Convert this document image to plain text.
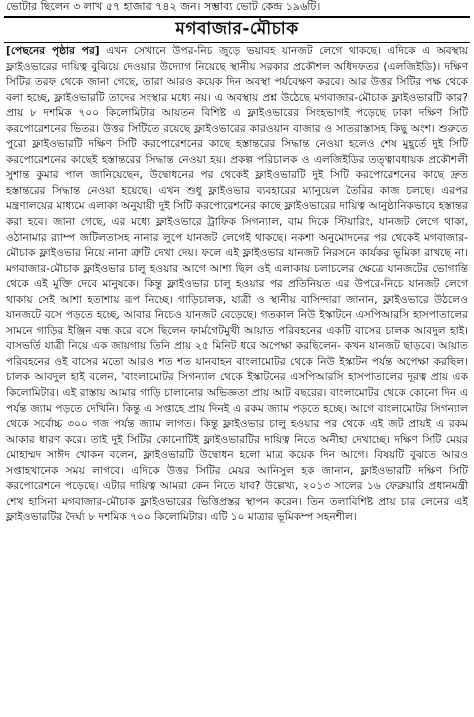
ভোটার ছিলেন ৩ লাখ ৫৭ হাজার ৭৪২ জন। সম্ভাব্য ভোট কেন্দ্র ১৯৬টি।
মগবাজার-মৌচাক
[পেছনের পৃষ্ঠার পর] এখন সেখানে উপর-নিচ জুড়ে ভয়াবহ যানজট লেগে থাকছে। এদিকে এ অবস্থায় ফ্লাইওভারের দায়িত্ব বুঝিয়ে দেওয়ার উদ্যোগ নিয়েছে স্থানীয় সরকার প্রকৌশল অধিদফতর (এলজিইডি)। দক্ষিণ সিটির তরফ থেকে জানা গেছে, তারা আরও কয়েক দিন অবস্থা পর্যবেক্ষণ করবে। আর উত্তর সিটির পক্ষ থেকে বলা হচ্ছে, ফ্লাইওভারটি তাদের সংস্থার মধ্যে নয়। এ অবস্থায় প্রশ্ন উঠেছে মগবাজার-মৌচাক ফ্লাইওভারটি কার? প্রায় ৮ দশমিক ৭০০ কিলোমিটার আয়তন বিশিষ্ট এ ফ্লাইওভারের সিংহভাগই পড়েছে ঢাকা দক্ষিণ সিটি করপোরেশনের ভিতর। উত্তর সিটিতে রয়েছে ফ্লাইওভারের কারওয়ান বাজার ও সাতরাস্তাসহ কিছু অংশ। শুরুতে পুরো ফ্লাইওভারটি দক্ষিণ সিটি করপোরেশনের কাছে হস্তান্তরের সিদ্ধান্ত নেওয়া হলেও শেষ মুহূর্তে দুই সিটি করপোরেশনের কাছেই হস্তান্তরের সিদ্ধান্ত নেওয়া হয়। প্রকল্প পরিচালক ও এলজিইডির তত্ত্বাবধায়ক প্রকৌশলী সুশান্ত কুমার পাল জানিয়েছেন, উদ্বোধনের পর থেকেই ফ্লাইওভারটি দুই সিটি করপোরেশনের কাছে দ্রুত হস্তান্তরের সিদ্ধান্ত নেওয়া হয়েছে। এখন শুধু ফ্লাইওভার ব্যবহারের ম্যানুয়েল তৈরির কাজ চলছে। এরপর মন্ত্রণালয়ের মাধ্যমে এলাকা অনুযায়ী দুই সিটি করপোরেশনের কাছে ফ্লাইওভারের দায়িত্ব আনুষ্ঠানিকভাবে হস্তান্তর করা হবে। জানা গেছে, এর মধ্যে ফ্লাইওভারে ট্রাফিক সিগন্যাল, বাম দিকে স্টিয়ারিং, যানজট লেগে থাকা, ওঠানামার র‍্যাম্প জটিলতাসহ নানার লুপে যানজট লেগেই থাকছে। নকশা অনুমোদনের পর থেকেই মগবাজার-মৌচাক ফ্লাইওভার নিয়ে নানা ত্রুটি দেখা দেয়। ফলে এই ফ্লাইওভার যানজট নিরসনে কার্যকর ভূমিকা রাখছে না। মগবাজার-মৌচাক ফ্লাইওভার চালু হওয়ার আগে আশা ছিল ওই এলাকায় চলাচলের ক্ষেত্রে যানজটের ভোগান্তি থেকে এই মুক্তি দেবে মানুষকে। কিন্তু ফ্লাইওভার চালু হওয়ার পর প্রতিনিয়ত এর উপরে-নিচে যানজট লেগে থাকায় সেই আশা হতাশায় রূপ নিচ্ছে। গাড়িচালক, যাত্রী ও স্থানীয় বাসিন্দারা জানান, ফ্লাইওভারে উঠলেও যানজটে বসে পড়তে হচ্ছে, আবার নিচেও যানজট বেড়েছে। গতকাল নিউ ইস্কাটনে এসপিআরসি হাসপাতালের সামনে গাড়ির ইঞ্জিন বন্ধ করে বসে ছিলেন ফার্মগেটমুখী আয়াত পরিবহনের একটি বাসের চালক আবদুল হাই। বাসভর্তি যাত্রী নিয়ে এক জায়গায় তিনি প্রায় ২৫ মিনিট ধরে অপেক্ষা করছিলেন- কখন যানজট ছাড়বে। আয়াত পরিবহনের ওই বাসের মতো আরও শত শত যানবাহন বাংলামোটর থেকে নিউ ইস্কাটন পর্যন্ত অপেক্ষা করছিল। চালক আবদুল হাই বলেন, 'বাংলামোটর সিগন্যাল থেকে ইস্কাটনের এসপিআরসি হাসপাতালের দূরত্ব প্রায় এক কিলোমিটার। এই রাস্তায় আমার গাড়ি চালানোর অভিজ্ঞতা প্রায় আট বছরের। বাংলামোটর থেকে কোনো দিন এ পর্যন্ত জ্যাম পড়তে দেখিনি। কিন্তু এ সপ্তাহে প্রায় দিনই এ রকম জ্যাম পড়তে হচ্ছে। আগে বাংলামোটর সিগন্যাল থেকে সর্বোচ্চ ৩০০ গজ পর্যন্ত জ্যাম লাগত। কিন্তু ফ্লাইওভার চালু হওয়ার পর থেকে এই জট প্রায়ই এ রকম আকার ধারণ করে। তাই দুই সিটির কোনোটিই ফ্লাইওভারটির দায়িত্ব নিতে অনীহা দেখাচ্ছে। দক্ষিণ সিটি মেয়র মোহাম্মদ সাঈদ খোকন বলেন, ফ্লাইওভারটি উদ্বোধন হলো মাত্র কয়েক দিন আগে। বিষয়টি বুঝতে আরও সপ্তাহখানেক সময় লাগবে। এদিকে উত্তর সিটির মেয়র আনিসুল হক জানান, ফ্লাইওভারটি দক্ষিণ সিটি করপোরেশনে পড়েছে। এটার দায়িত্ব আমরা কেন নিতে যাব? উল্লেখ্য, ২০১৩ সালের ১৬ ফেব্রুয়ারি প্রধানমন্ত্রী শেখ হাসিনা মগবাজার-মৌচাক ফ্লাইওভারের ভিত্তিপ্রস্তর স্থাপন করেন। তিন তলাবিশিষ্ট প্রায় চার লেনের এই ফ্লাইওভারটির দৈর্ঘ্য ৮ দশমিক ৭০০ কিলোমিটার। এটি ১০ মাত্রার ভূমিকম্প সহনশীল।
